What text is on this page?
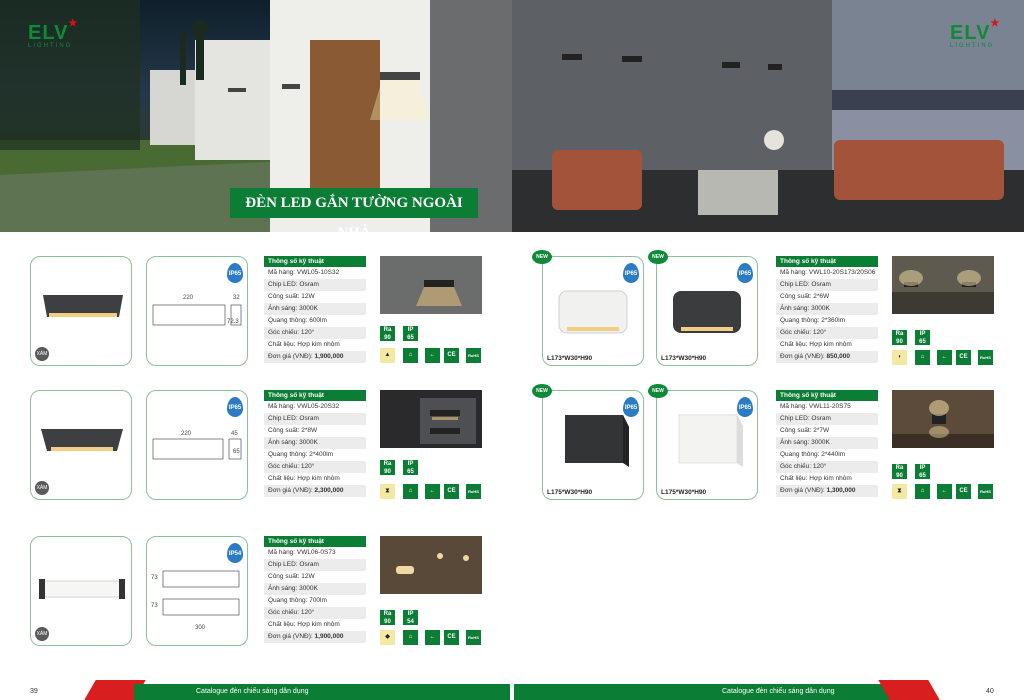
ELV ★
LIGHTING
ĐÈN LED GẮN TƯỜNG NGOÀI NHÀ
ELV ★
LIGHTING
XÁM
IP65
220	32
72.3
Thông số kỹ thuật
Mã hàng: VWL05-10S32
Chip LED: Osram
Công suất: 12W
Ánh sáng: 3000K
Quang thông: 600lm
Góc chiếu: 120°
Chất liệu: Hợp kim nhôm
Đơn giá (VNĐ): 1,900,000
Ra
90
IP
65
▲	⌂	←	CE	RoHS
XÁM
IP65
220	45
65
Thông số kỹ thuật
Mã hàng: VWL05-20S32
Chip LED: Osram
Công suất: 2*8W
Ánh sáng: 3000K
Quang thông: 2*400lm
Góc chiếu: 120°
Chất liệu: Hợp kim nhôm
Đơn giá (VNĐ): 2,300,000
Ra
90
IP
65
⧗	⌂	←	CE	RoHS
XÁM
IP54
73
73
300
Thông số kỹ thuật
Mã hàng: VWL06-0S73
Chip LED: Osram
Công suất: 12W
Ánh sáng: 3000K
Quang thông: 700lm
Góc chiếu: 120°
Chất liệu: Hợp kim nhôm
Đơn giá (VNĐ): 1,900,000
Ra
90
IP
54
◆	⌂	←	CE	RoHS
IP65
L173*W30*H90
NEW
IP65
L173*W30*H90
NEW
Thông số kỹ thuật
Mã hàng: VWL10-20S173/20S06
Chip LED: Osram
Công suất: 2*6W
Ánh sáng: 3000K
Quang thông: 2*360lm
Góc chiếu: 120°
Chất liệu: Hợp kim nhôm
Đơn giá (VNĐ): 850,000
Ra
90
IP
65
◗	⌂	←	CE	RoHS
IP65
L175*W30*H90
NEW
IP65
L175*W30*H90
NEW
Thông số kỹ thuật
Mã hàng: VWL11-20S75
Chip LED: Osram
Công suất: 2*7W
Ánh sáng: 3000K
Quang thông: 2*440lm
Góc chiếu: 120°
Chất liệu: Hợp kim nhôm
Đơn giá (VNĐ): 1,300,000
Ra
90
IP
65
⧗	⌂	←	CE	RoHS
Catalogue đèn chiếu sáng dân dụng
39	Catalogue đèn chiếu sáng dân dụng	40
